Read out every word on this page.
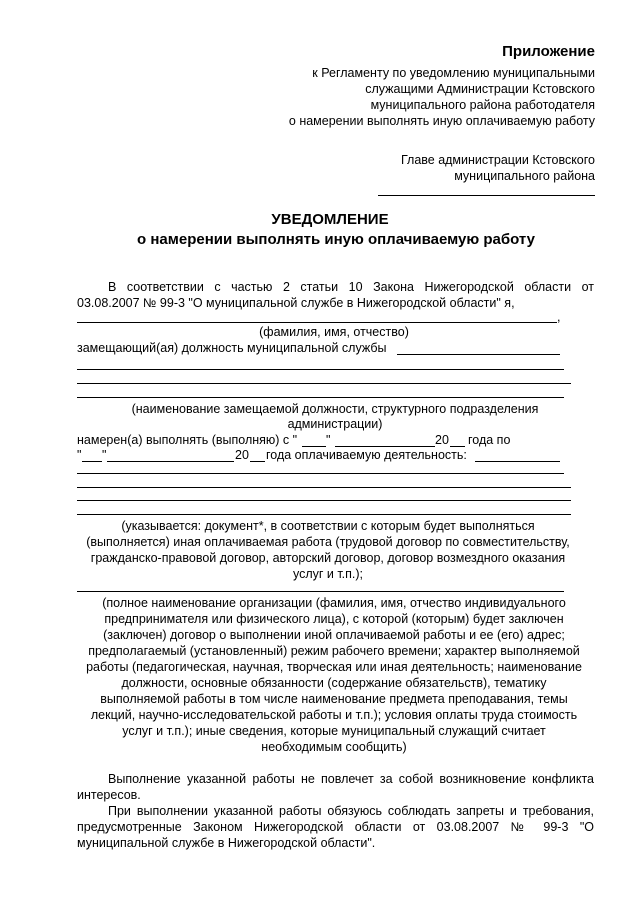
Приложение
к Регламенту по уведомлению муниципальными
служащими Администрации Кстовского
муниципального района работодателя
о намерении выполнять иную оплачиваемую работу
Главе администрации Кстовского
муниципального района
УВЕДОМЛЕНИЕ
о намерении выполнять иную оплачиваемую работу
В соответствии с частью 2 статьи 10 Закона Нижегородской области от
03.08.2007 № 99-3 "О муниципальной службе в Нижегородской области" я,
,
(фамилия, имя, отчество)
замещающий(ая) должность муниципальной службы
(наименование замещаемой должности, структурного подразделения
администрации)
намерен(а) выполнять (выполняю) с " "	20 года по
" "	20 года оплачиваемую деятельность:
(указывается: документ*, в соответствии с которым будет выполняться
(выполняется) иная оплачиваемая работа (трудовой договор по совместительству,
гражданско-правовой договор, авторский договор, договор возмездного оказания
услуг и т.п.);
(полное наименование организации (фамилия, имя, отчество индивидуального
предпринимателя или физического лица), с которой (которым) будет заключен
(заключен) договор о выполнении иной оплачиваемой работы и ее (его) адрес;
предполагаемый (установленный) режим рабочего времени; характер выполняемой
работы (педагогическая, научная, творческая или иная деятельность; наименование
должности, основные обязанности (содержание обязательств), тематику
выполняемой работы в том числе наименование предмета преподавания, темы
лекций, научно-исследовательской работы и т.п.); условия оплаты труда стоимость
услуг и т.п.); иные сведения, которые муниципальный служащий считает
необходимым сообщить)
Выполнение указанной работы не повлечет за собой возникновение конфликта
интересов.
При выполнении указанной работы обязуюсь соблюдать запреты и требования,
предусмотренные Законом Нижегородской области от 03.08.2007 № 99-3 "О
муниципальной службе в Нижегородской области".
